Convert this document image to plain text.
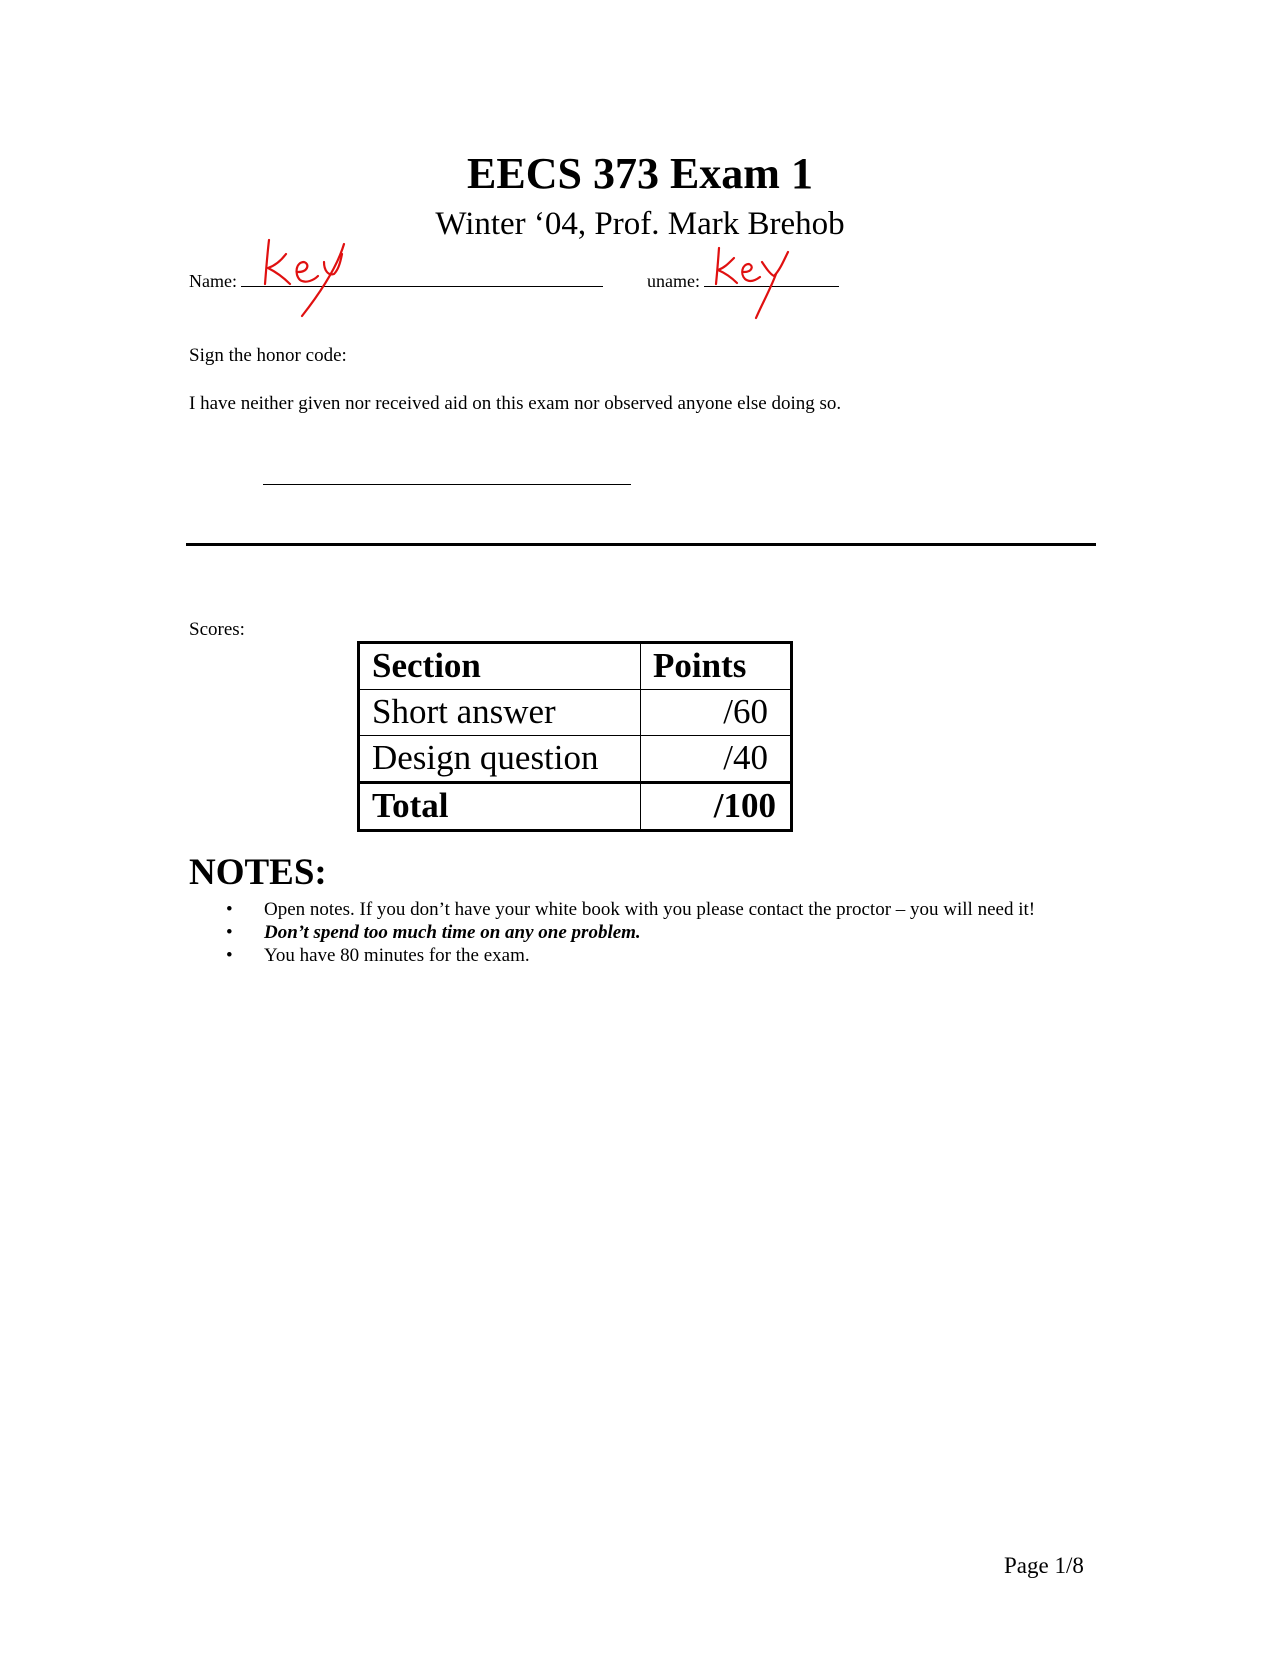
EECS 373 Exam 1
Winter ‘04, Prof. Mark Brehob
Name:	uname:
Sign the honor code:
I have neither given nor received aid on this exam nor observed anyone else doing so.
Scores:
Section	Points
Short answer	/60
Design question	/40
Total	/100
NOTES:
• Open notes. If you don’t have your white book with you please contact the proctor – you will need it!
• Don’t spend too much time on any one problem.
• You have 80 minutes for the exam.
Page 1/8
